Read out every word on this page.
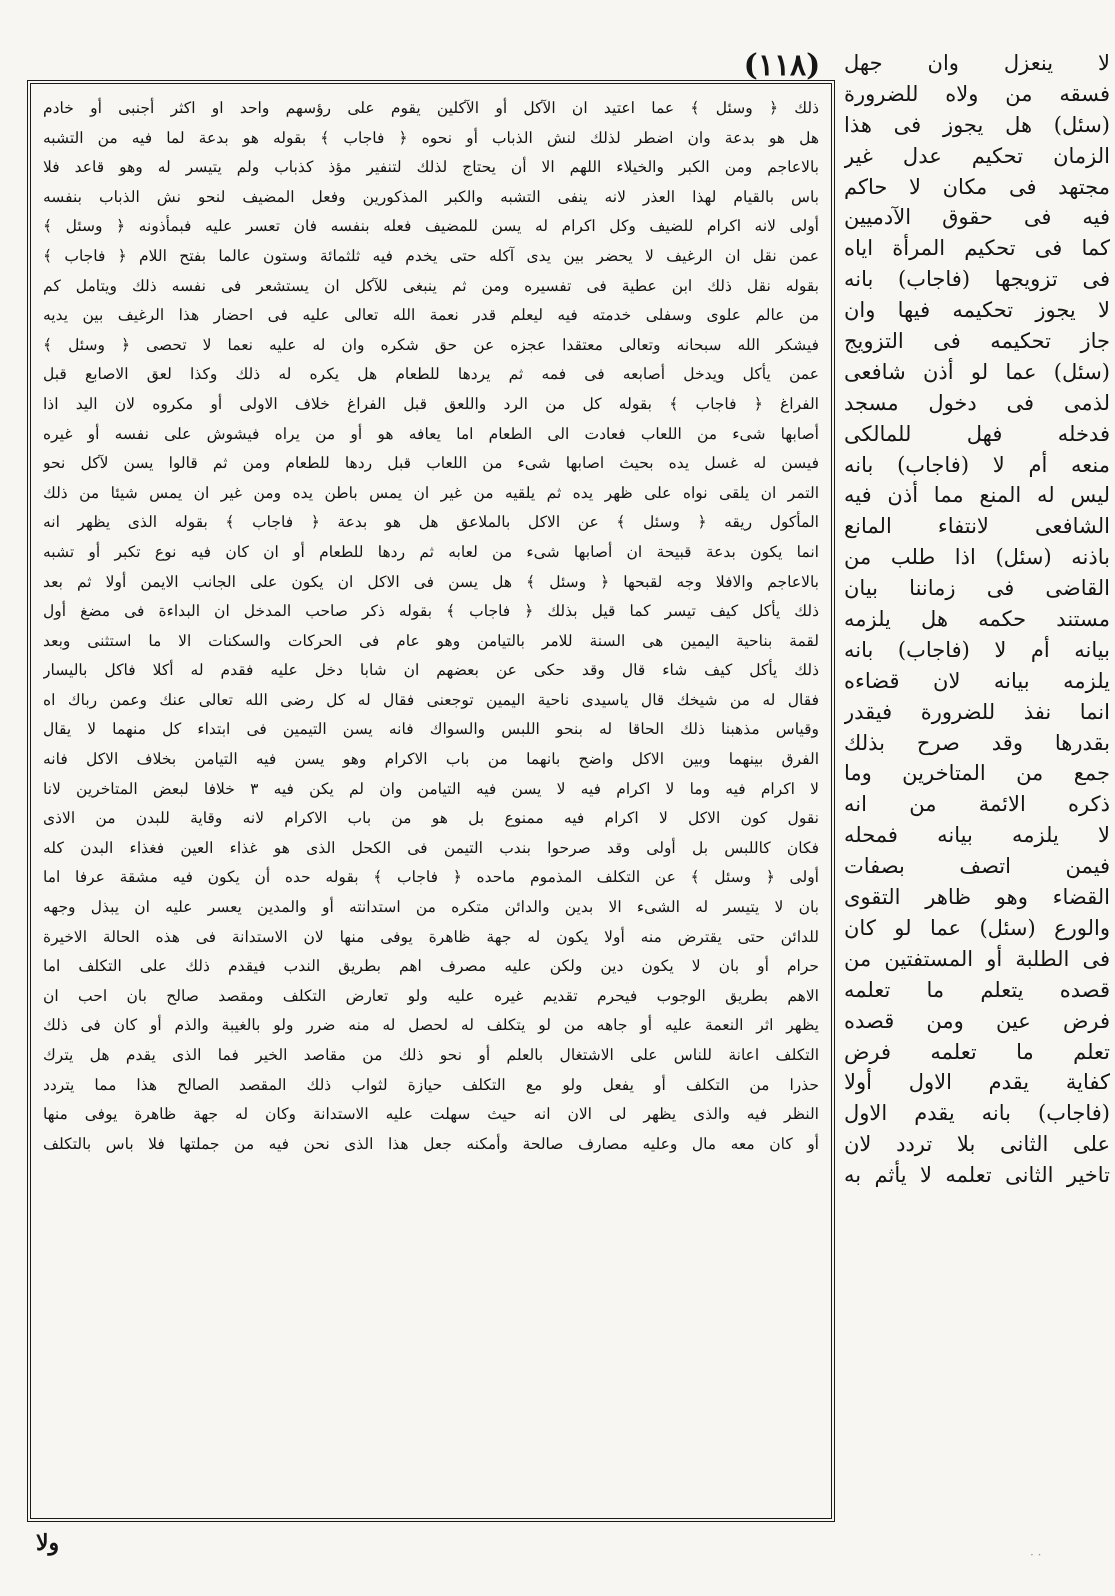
(١١٨)
ذلك ﴿ وسئل ﴾ عما اعتيد ان الآكل أو الآكلين يقوم على رؤسهم واحد او اكثر أجنبى أو خادم
هل هو بدعة وان اضطر لذلك لنش الذباب أو نحوه ﴿ فاجاب ﴾ بقوله هو بدعة لما فيه من التشبه
بالاعاجم ومن الكبر والخيلاء اللهم الا أن يحتاج لذلك لتنفير مؤذ كذباب ولم يتيسر له وهو قاعد فلا
باس بالقيام لهذا العذر لانه ينفى التشبه والكبر المذكورين وفعل المضيف لنحو نش الذباب بنفسه
أولى لانه اكرام للضيف وكل اكرام له يسن للمضيف فعله بنفسه فان تعسر عليه فبمأذونه ﴿ وسئل ﴾
عمن نقل ان الرغيف لا يحضر بين يدى آكله حتى يخدم فيه ثلثمائة وستون عالما بفتح اللام ﴿ فاجاب ﴾
بقوله نقل ذلك ابن عطية فى تفسيره ومن ثم ينبغى للآكل ان يستشعر فى نفسه ذلك ويتامل كم
من عالم علوى وسفلى خدمته فيه ليعلم قدر نعمة الله تعالى عليه فى احضار هذا الرغيف بين يديه
فيشكر الله سبحانه وتعالى معتقدا عجزه عن حق شكره وان له عليه نعما لا تحصى ﴿ وسئل ﴾
عمن يأكل ويدخل أصابعه فى فمه ثم يردها للطعام هل يكره له ذلك وكذا لعق الاصابع قبل
الفراغ ﴿ فاجاب ﴾ بقوله كل من الرد واللعق قبل الفراغ خلاف الاولى أو مكروه لان اليد اذا
أصابها شىء من اللعاب فعادت الى الطعام اما يعافه هو أو من يراه فيشوش على نفسه أو غيره
فيسن له غسل يده بحيث اصابها شىء من اللعاب قبل ردها للطعام ومن ثم قالوا يسن لآكل نحو
التمر ان يلقى نواه على ظهر يده ثم يلقيه من غير ان يمس باطن يده ومن غير ان يمس شيئا من ذلك
المأكول ريقه ﴿ وسئل ﴾ عن الاكل بالملاعق هل هو بدعة ﴿ فاجاب ﴾ بقوله الذى يظهر انه
انما يكون بدعة قبيحة ان أصابها شىء من لعابه ثم ردها للطعام أو ان كان فيه نوع تكبر أو تشبه
بالاعاجم والافلا وجه لقبحها ﴿ وسئل ﴾ هل يسن فى الاكل ان يكون على الجانب الايمن أولا ثم بعد
ذلك يأكل كيف تيسر كما قيل بذلك ﴿ فاجاب ﴾ بقوله ذكر صاحب المدخل ان البداءة فى مضغ أول
لقمة بناحية اليمين هى السنة للامر بالتيامن وهو عام فى الحركات والسكنات الا ما استثنى وبعد
ذلك يأكل كيف شاء قال وقد حكى عن بعضهم ان شابا دخل عليه فقدم له أكلا فاكل باليسار
فقال له من شيخك قال ياسيدى ناحية اليمين توجعنى فقال له كل رضى الله تعالى عنك وعمن رباك اه
وقياس مذهبنا ذلك الحاقا له بنحو اللبس والسواك فانه يسن التيمين فى ابتداء كل منهما لا يقال
الفرق بينهما وبين الاكل واضح بانهما من باب الاكرام وهو يسن فيه التيامن بخلاف الاكل فانه
لا اكرام فيه وما لا اكرام فيه لا يسن فيه التيامن وان لم يكن فيه ٣ خلافا لبعض المتاخرين لانا
نقول كون الاكل لا اكرام فيه ممنوع بل هو من باب الاكرام لانه وقاية للبدن من الاذى
فكان كاللبس بل أولى وقد صرحوا بندب التيمن فى الكحل الذى هو غذاء العين فغذاء البدن كله
أولى ﴿ وسئل ﴾ عن التكلف المذموم ماحده ﴿ فاجاب ﴾ بقوله حده أن يكون فيه مشقة عرفا اما
بان لا يتيسر له الشىء الا بدين والدائن متكره من استدانته أو والمدين يعسر عليه ان يبذل وجهه
للدائن حتى يقترض منه أولا يكون له جهة ظاهرة يوفى منها لان الاستدانة فى هذه الحالة الاخيرة
حرام أو بان لا يكون دين ولكن عليه مصرف اهم بطريق الندب فيقدم ذلك على التكلف اما
الاهم بطريق الوجوب فيحرم تقديم غيره عليه ولو تعارض التكلف ومقصد صالح بان احب ان
يظهر اثر النعمة عليه أو جاهه من لو يتكلف له لحصل له منه ضرر ولو بالغيبة والذم أو كان فى ذلك
التكلف اعانة للناس على الاشتغال بالعلم أو نحو ذلك من مقاصد الخير فما الذى يقدم هل يترك
حذرا من التكلف أو يفعل ولو مع التكلف حيازة لثواب ذلك المقصد الصالح هذا مما يتردد
النظر فيه والذى يظهر لى الان انه حيث سهلت عليه الاستدانة وكان له جهة ظاهرة يوفى منها
أو كان معه مال وعليه مصارف صالحة وأمكنه جعل هذا الذى نحن فيه من جملتها فلا باس بالتكلف
لا ينعزل وان جهل
فسقه من ولاه للضرورة
(سئل) هل يجوز فى هذا
الزمان تحكيم عدل غير
مجتهد فى مكان لا حاكم
فيه فى حقوق الآدميين
كما فى تحكيم المرأة اياه
فى تزويجها (فاجاب) بانه
لا يجوز تحكيمه فيها وان
جاز تحكيمه فى التزويج
(سئل) عما لو أذن شافعى
لذمى فى دخول مسجد
فدخله فهل للمالكى
منعه أم لا (فاجاب) بانه
ليس له المنع مما أذن فيه
الشافعى لانتفاء المانع
باذنه (سئل) اذا طلب من
القاضى فى زماننا بيان
مستند حكمه هل يلزمه
بيانه أم لا (فاجاب) بانه
يلزمه بيانه لان قضاءه
انما نفذ للضرورة فيقدر
بقدرها وقد صرح بذلك
جمع من المتاخرين وما
ذكره الائمة من انه
لا يلزمه بيانه فمحله
فيمن اتصف بصفات
القضاء وهو ظاهر التقوى
والورع (سئل) عما لو كان
فى الطلبة أو المستفتين من
قصده يتعلم ما تعلمه
فرض عين ومن قصده
تعلم ما تعلمه فرض
كفاية يقدم الاول أولا
(فاجاب) بانه يقدم الاول
على الثانى بلا تردد لان
تاخير الثانى تعلمه لا يأثم به
ولا	· ·
